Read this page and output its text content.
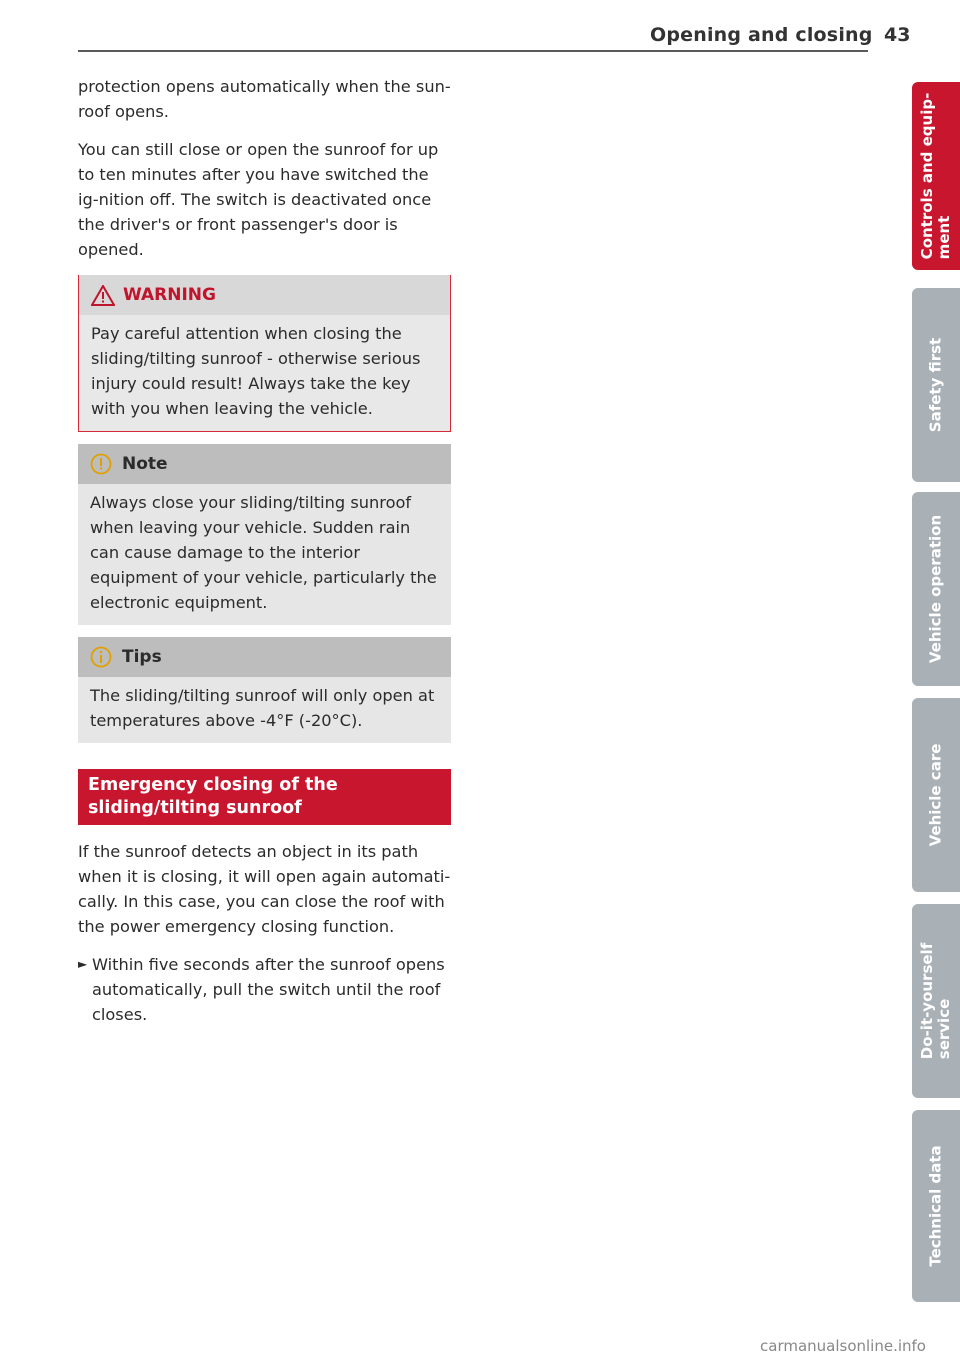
Opening and closing 43

protection opens automatically when the sun-roof opens.

You can still close or open the sunroof for up to ten minutes after you have switched the ig-nition off. The switch is deactivated once the driver's or front passenger's door is opened.

WARNING
Pay careful attention when closing the sliding/tilting sunroof - otherwise serious injury could result! Always take the key with you when leaving the vehicle.
Note
Always close your sliding/tilting sunroof when leaving your vehicle. Sudden rain can cause damage to the interior equipment of your vehicle, particularly the electronic equipment.
Tips
The sliding/tilting sunroof will only open at temperatures above -4°F (-20°C).
Emergency closing of the sliding/tilting sunroof

If the sunroof detects an object in its path when it is closing, it will open again automati-cally. In this case, you can close the roof with the power emergency closing function.

► Within five seconds after the sunroof opens automatically, pull the switch until the roof closes.
Controls and equip- ment
Safety first
Vehicle operation
Vehicle care
Do-it-yourself service
Technical data
carmanualsonline.info
